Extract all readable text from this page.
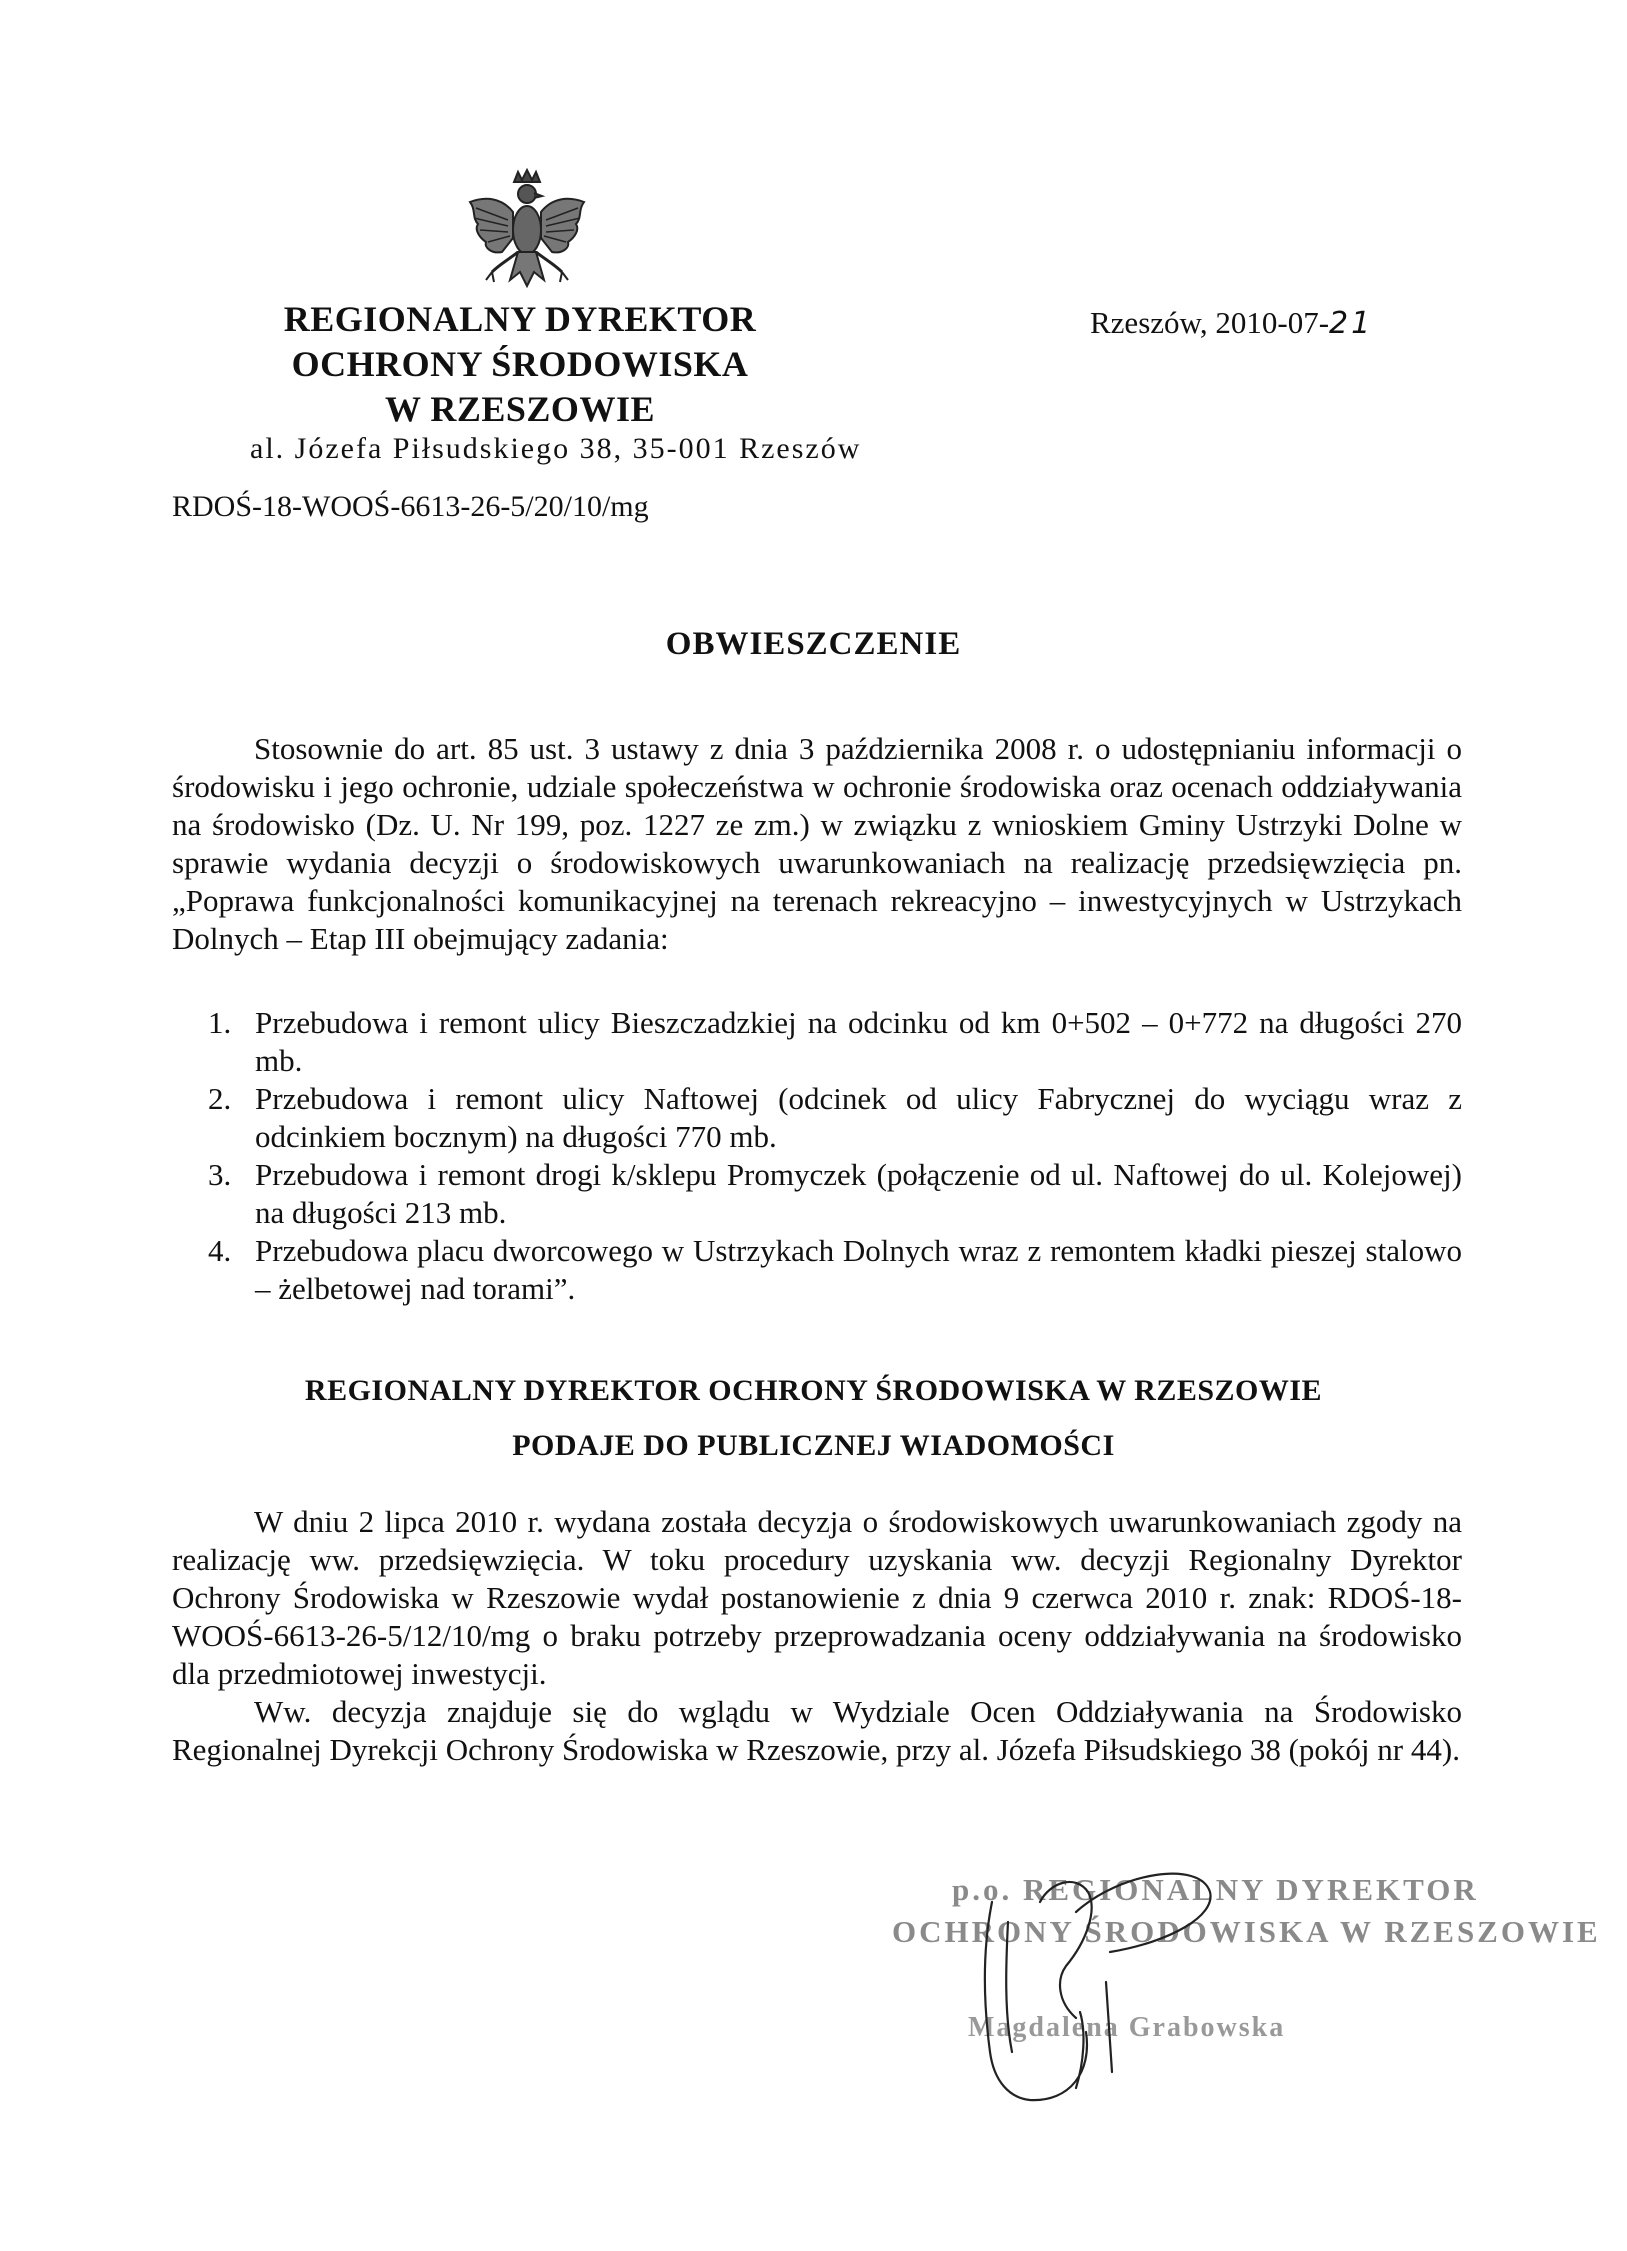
REGIONALNY DYREKTOR
OCHRONY ŚRODOWISKA
W RZESZOWIE
al. Józefa Piłsudskiego 38, 35-001 Rzeszów
Rzeszów, 2010-07-21
RDOŚ-18-WOOŚ-6613-26-5/20/10/mg
OBWIESZCZENIE
Stosownie do art. 85 ust. 3 ustawy z dnia 3 października 2008 r. o udostępnianiu informacji o środowisku i jego ochronie, udziale społeczeństwa w ochronie środowiska oraz ocenach oddziaływania na środowisko (Dz. U. Nr 199, poz. 1227 ze zm.) w związku z wnioskiem Gminy Ustrzyki Dolne w sprawie wydania decyzji o środowiskowych uwarunkowaniach na realizację przedsięwzięcia pn. „Poprawa funkcjonalności komunikacyjnej na terenach rekreacyjno – inwestycyjnych w Ustrzykach Dolnych – Etap III obejmujący zadania:
1. Przebudowa i remont ulicy Bieszczadzkiej na odcinku od km 0+502 – 0+772 na długości 270 mb.
2. Przebudowa i remont ulicy Naftowej (odcinek od ulicy Fabrycznej do wyciągu wraz z odcinkiem bocznym) na długości 770 mb.
3. Przebudowa i remont drogi k/sklepu Promyczek (połączenie od ul. Naftowej do ul. Kolejowej) na długości 213 mb.
4. Przebudowa placu dworcowego w Ustrzykach Dolnych wraz z remontem kładki pieszej stalowo – żelbetowej nad torami”.
REGIONALNY DYREKTOR OCHRONY ŚRODOWISKA W RZESZOWIE
PODAJE DO PUBLICZNEJ WIADOMOŚCI
W dniu 2 lipca 2010 r. wydana została decyzja o środowiskowych uwarunkowaniach zgody na realizację ww. przedsięwzięcia. W toku procedury uzyskania ww. decyzji Regionalny Dyrektor Ochrony Środowiska w Rzeszowie wydał postanowienie z dnia 9 czerwca 2010 r. znak: RDOŚ-18-WOOŚ-6613-26-5/12/10/mg o braku potrzeby przeprowadzania oceny oddziaływania na środowisko dla przedmiotowej inwestycji.
Ww. decyzja znajduje się do wglądu w Wydziale Ocen Oddziaływania na Środowisko Regionalnej Dyrekcji Ochrony Środowiska w Rzeszowie, przy al. Józefa Piłsudskiego 38 (pokój nr 44).
p.o. REGIONALNY DYREKTOR
OCHRONY ŚRODOWISKA W RZESZOWIE
Magdalena Grabowska
